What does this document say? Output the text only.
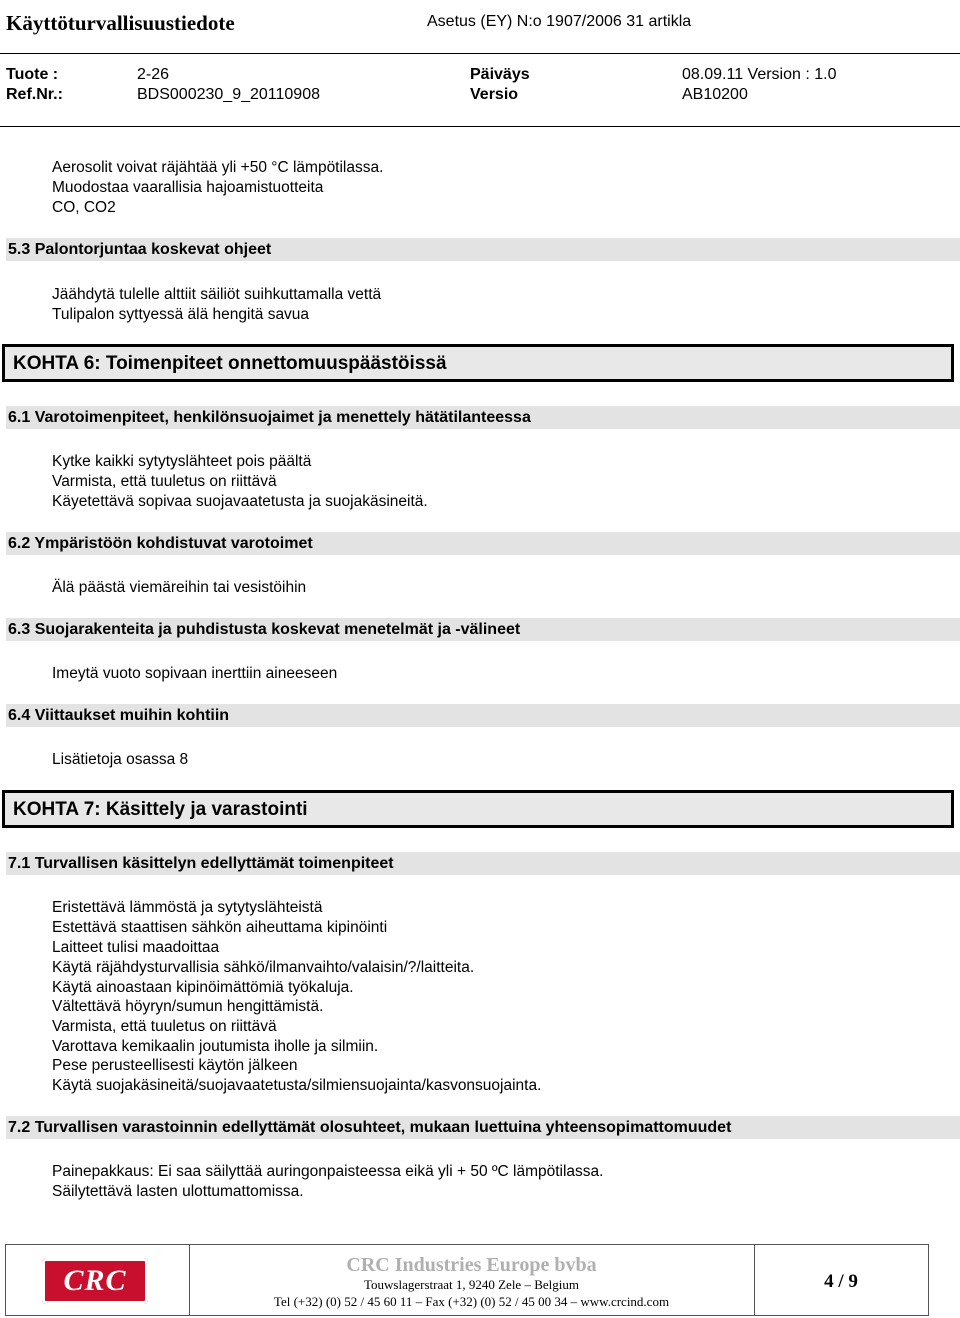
Käyttöturvallisuustiedote	Asetus (EY) N:o 1907/2006 31 artikla
Tuote :	2-26	Päiväys	08.09.11 Version : 1.0
Ref.Nr.:	BDS000230_9_20110908	Versio	AB10200
Aerosolit voivat räjähtää yli +50 °C lämpötilassa.
Muodostaa vaarallisia hajoamistuotteita
CO, CO2
5.3 Palontorjuntaa koskevat ohjeet
Jäähdytä tulelle alttiit säiliöt suihkuttamalla vettä
Tulipalon syttyessä älä hengitä savua
KOHTA 6: Toimenpiteet onnettomuuspäästöissä
6.1 Varotoimenpiteet, henkilönsuojaimet ja menettely hätätilanteessa
Kytke kaikki sytytyslähteet pois päältä
Varmista, että tuuletus on riittävä
Käyetettävä sopivaa suojavaatetusta ja suojakäsineitä.
6.2 Ympäristöön kohdistuvat varotoimet
Älä päästä viemäreihin tai vesistöihin
6.3 Suojarakenteita ja puhdistusta koskevat menetelmät ja -välineet
Imeytä vuoto sopivaan inerttiin aineeseen
6.4 Viittaukset muihin kohtiin
Lisätietoja osassa 8
KOHTA 7: Käsittely ja varastointi
7.1 Turvallisen käsittelyn edellyttämät toimenpiteet
Eristettävä lämmöstä ja sytytyslähteistä
Estettävä staattisen sähkön aiheuttama kipinöinti
Laitteet tulisi maadoittaa
Käytä räjähdysturvallisia sähkö/ilmanvaihto/valaisin/?/laitteita.
Käytä ainoastaan kipinöimättömiä työkaluja.
Vältettävä höyryn/sumun hengittämistä.
Varmista, että tuuletus on riittävä
Varottava kemikaalin joutumista iholle ja silmiin.
Pese perusteellisesti käytön jälkeen
Käytä suojakäsineitä/suojavaatetusta/silmiensuojainta/kasvonsuojainta.
7.2 Turvallisen varastoinnin edellyttämät olosuhteet, mukaan luettuina yhteensopimattomuudet
Painepakkaus: Ei saa säilyttää auringonpaisteessa eikä yli + 50 ºC lämpötilassa.
Säilytettävä lasten ulottumattomissa.
CRC	CRC Industries Europe bvba
Touwslagerstraat 1, 9240 Zele – Belgium
Tel (+32) (0) 52 / 45 60 11 – Fax (+32) (0) 52 / 45 00 34 – www.crcind.com
4 / 9
